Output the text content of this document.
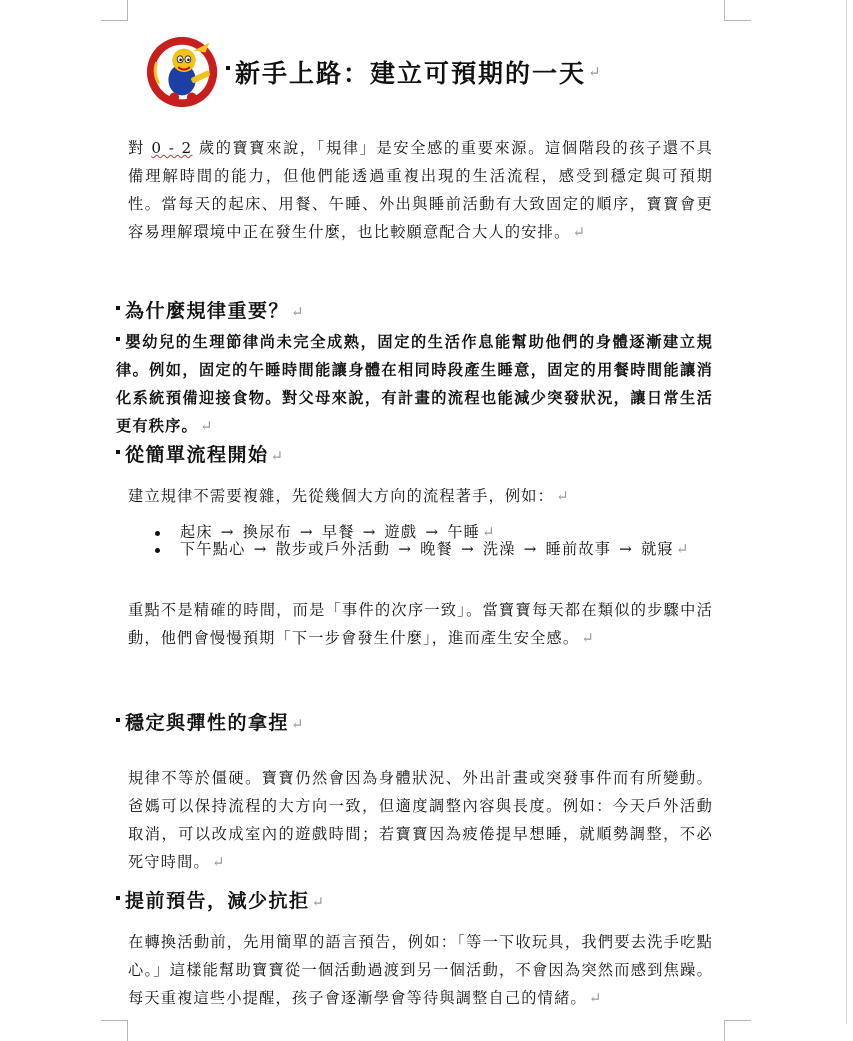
新手上路：建立可預期的一天 ↵
對 0 - 2 歲的寶寶來說，「規律」是安全感的重要來源。這個階段的孩子還不具備理解時間的能力，但他們能透過重複出現的生活流程，感受到穩定與可預期性。當每天的起床、用餐、午睡、外出與睡前活動有大致固定的順序，寶寶會更容易理解環境中正在發生什麼，也比較願意配合大人的安排。 ↵
為什麼規律重要？ ↵
嬰幼兒的生理節律尚未完全成熟，固定的生活作息能幫助他們的身體逐漸建立規律。例如，固定的午睡時間能讓身體在相同時段產生睡意，固定的用餐時間能讓消化系統預備迎接食物。對父母來說，有計畫的流程也能減少突發狀況，讓日常生活更有秩序。 ↵
從簡單流程開始 ↵
建立規律不需要複雜，先從幾個大方向的流程著手，例如： ↵
起床 → 換尿布 → 早餐 → 遊戲 → 午睡 ↵
下午點心 → 散步或戶外活動 → 晚餐 → 洗澡 → 睡前故事 → 就寢 ↵
重點不是精確的時間，而是「事件的次序一致」。當寶寶每天都在類似的步驟中活動，他們會慢慢預期「下一步會發生什麼」，進而產生安全感。 ↵
穩定與彈性的拿捏 ↵
規律不等於僵硬。寶寶仍然會因為身體狀況、外出計畫或突發事件而有所變動。爸媽可以保持流程的大方向一致，但適度調整內容與長度。例如：今天戶外活動取消，可以改成室內的遊戲時間；若寶寶因為疲倦提早想睡，就順勢調整，不必死守時間。 ↵
提前預告，減少抗拒 ↵
在轉換活動前，先用簡單的語言預告，例如：「等一下收玩具，我們要去洗手吃點心。」這樣能幫助寶寶從一個活動過渡到另一個活動，不會因為突然而感到焦躁。每天重複這些小提醒，孩子會逐漸學會等待與調整自己的情緒。 ↵
